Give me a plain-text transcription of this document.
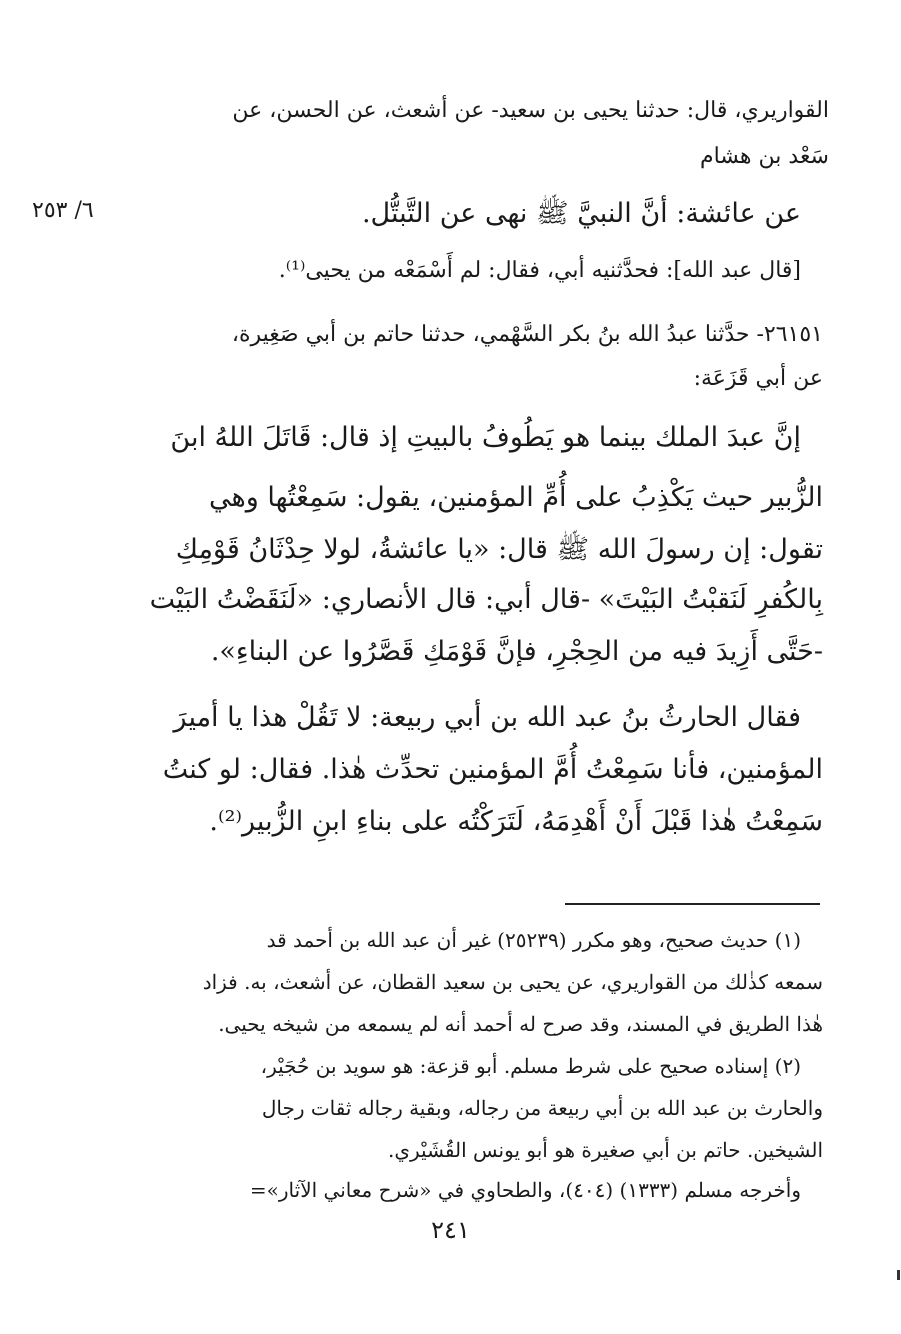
٦/ ٢٥٣
القواريري، قال: حدثنا يحيى بن سعيد- عن أشعث، عن الحسن، عن
سَعْد بن هشام
عن عائشة: أنَّ النبيَّ ﷺ نهى عن التَّبتُّل.
[قال عبد الله]: فحدَّثنيه أبي، فقال: لم أَسْمَعْه من يحيى⁽¹⁾.
٢٦١٥١- حدَّثنا عبدُ الله بنُ بكر السَّهْمي، حدثنا حاتم بن أبي صَغِيرة،
عن أبي قَزَعَة:
إنَّ عبدَ الملك بينما هو يَطُوفُ بالبيتِ إذ قال: قَاتَلَ اللهُ ابنَ
الزُّبير حيث يَكْذِبُ على أُمِّ المؤمنين، يقول: سَمِعْتُها وهي
تقول: إن رسولَ الله ﷺ قال: «يا عائشةُ، لولا حِدْثَانُ قَوْمِكِ
بِالكُفرِ لَنَقبْتُ البَيْتَ» -قال أبي: قال الأنصاري: «لَنَقَضْتُ البَيْت
-حَتَّى أَزِيدَ فيه من الحِجْرِ، فإنَّ قَوْمَكِ قَصَّرُوا عن البناءِ».
فقال الحارثُ بنُ عبد الله بن أبي ربيعة: لا تَقُلْ هذا يا أميرَ
المؤمنين، فأنا سَمِعْتُ أُمَّ المؤمنين تحدِّث هٰذا. فقال: لو كنتُ
سَمِعْتُ هٰذا قَبْلَ أَنْ أَهْدِمَهُ، لَتَرَكْتُه على بناءِ ابنِ الزُّبير⁽²⁾.
(١) حديث صحيح، وهو مكرر (٢٥٢٣٩) غير أن عبد الله بن أحمد قد
سمعه كذٰلك من القواريري، عن يحيى بن سعيد القطان، عن أشعث، به. فزاد
هٰذا الطريق في المسند، وقد صرح له أحمد أنه لم يسمعه من شيخه يحيى.
(٢) إسناده صحيح على شرط مسلم. أبو قزعة: هو سويد بن حُجَيْر،
والحارث بن عبد الله بن أبي ربيعة من رجاله، وبقية رجاله ثقات رجال
الشيخين. حاتم بن أبي صغيرة هو أبو يونس القُشَيْري.
وأخرجه مسلم (١٣٣٣) (٤٠٤)، والطحاوي في «شرح معاني الآثار»=
٢٤١
